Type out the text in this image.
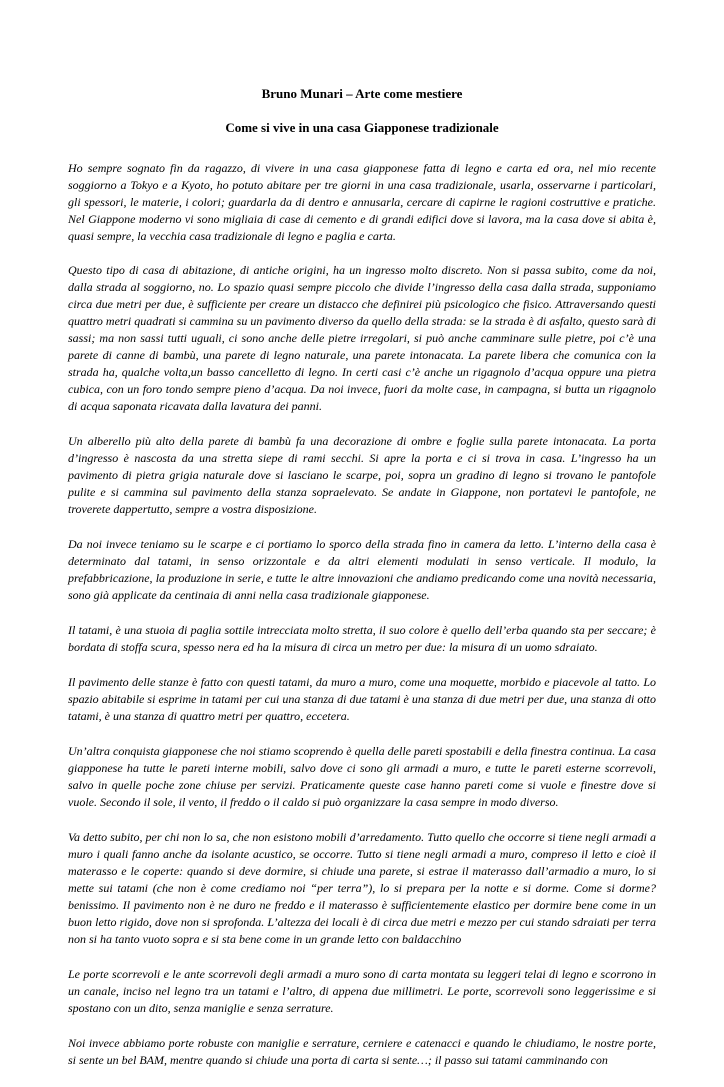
Bruno Munari – Arte come mestiere
Come si vive in una casa Giapponese tradizionale

Ho sempre sognato fin da ragazzo, di vivere in una casa giapponese fatta di legno e carta ed ora, nel mio recente soggiorno a Tokyo e a Kyoto, ho potuto abitare per tre giorni in una casa tradizionale, usarla, osservarne i particolari, gli spessori, le materie, i colori; guardarla da di dentro e annusarla, cercare di capirne le ragioni costruttive e pratiche. Nel Giappone moderno vi sono migliaia di case di cemento e di grandi edifici dove si lavora, ma la casa dove si abita è, quasi sempre, la vecchia casa tradizionale di legno e paglia e carta.

Questo tipo di casa di abitazione, di antiche origini, ha un ingresso molto discreto. Non si passa subito, come da noi, dalla strada al soggiorno, no. Lo spazio quasi sempre piccolo che divide l’ingresso della casa dalla strada, supponiamo circa due metri per due, è sufficiente per creare un distacco che definirei più psicologico che fisico. Attraversando questi quattro metri quadrati si cammina su un pavimento diverso da quello della strada: se la strada è di asfalto, questo sarà di sassi; ma non sassi tutti uguali, ci sono anche delle pietre irregolari, si può anche camminare sulle pietre, poi c’è una parete di canne di bambù, una parete di legno naturale, una parete intonacata. La parete libera che comunica con la strada ha, qualche volta,un basso cancelletto di legno. In certi casi c’è anche un rigagnolo d’acqua oppure una pietra cubica, con un foro tondo sempre pieno d’acqua. Da noi invece, fuori da molte case, in campagna, si butta un rigagnolo di acqua saponata ricavata dalla lavatura dei panni.

Un alberello più alto della parete di bambù fa una decorazione di ombre e foglie sulla parete intonacata. La porta d’ingresso è nascosta da una stretta siepe di rami secchi. Si apre la porta e ci si trova in casa. L’ingresso ha un pavimento di pietra grigia naturale dove si lasciano le scarpe, poi, sopra un gradino di legno si trovano le pantofole pulite e si cammina sul pavimento della stanza sopraelevato. Se andate in Giappone, non portatevi le pantofole, ne troverete dappertutto, sempre a vostra disposizione.

Da noi invece teniamo su le scarpe e ci portiamo lo sporco della strada fino in camera da letto. L’interno della casa è determinato dal tatami, in senso orizzontale e da altri elementi modulati in senso verticale. Il modulo, la prefabbricazione, la produzione in serie, e tutte le altre innovazioni che andiamo predicando come una novità necessaria, sono già applicate da centinaia di anni nella casa tradizionale giapponese.

Il tatami, è una stuoia di paglia sottile intrecciata molto stretta, il suo colore è quello dell’erba quando sta per seccare; è bordata di stoffa scura, spesso nera ed ha la misura di circa un metro per due: la misura di un uomo sdraiato.

Il pavimento delle stanze è fatto con questi tatami, da muro a muro, come una moquette, morbido e piacevole al tatto. Lo spazio abitabile si esprime in tatami per cui una stanza di due tatami è una stanza di due metri per due, una stanza di otto tatami, è una stanza di quattro metri per quattro, eccetera.

Un’altra conquista giapponese che noi stiamo scoprendo è quella delle pareti spostabili e della finestra continua. La casa giapponese ha tutte le pareti interne mobili, salvo dove ci sono gli armadi a muro, e tutte le pareti esterne scorrevoli, salvo in quelle poche zone chiuse per servizi. Praticamente queste case hanno pareti come si vuole e finestre dove si vuole. Secondo il sole, il vento, il freddo o il caldo si può organizzare la casa sempre in modo diverso.

Va detto subito, per chi non lo sa, che non esistono mobili d’arredamento. Tutto quello che occorre si tiene negli armadi a muro i quali fanno anche da isolante acustico, se occorre. Tutto si tiene negli armadi a muro, compreso il letto e cioè il materasso e le coperte: quando si deve dormire, si chiude una parete, si estrae il materasso dall’armadio a muro, lo si mette sui tatami (che non è come crediamo noi “per terra”), lo si prepara per la notte e si dorme. Come si dorme? benissimo. Il pavimento non è ne duro ne freddo e il materasso è sufficientemente elastico per dormire bene come in un buon letto rigido, dove non si sprofonda. L’altezza dei locali è di circa due metri e mezzo per cui stando sdraiati per terra non si ha tanto vuoto sopra e si sta bene come in un grande letto con baldacchino

Le porte scorrevoli e le ante scorrevoli degli armadi a muro sono di carta montata su leggeri telai di legno e scorrono in un canale, inciso nel legno tra un tatami e l’altro, di appena due millimetri. Le porte, scorrevoli sono leggerissime e si spostano con un dito, senza maniglie e senza serrature.

Noi invece abbiamo porte robuste con maniglie e serrature, cerniere e catenacci e quando le chiudiamo, le nostre porte, si sente un bel BAM, mentre quando si chiude una porta di carta si sente…; il passo sui tatami camminando con
